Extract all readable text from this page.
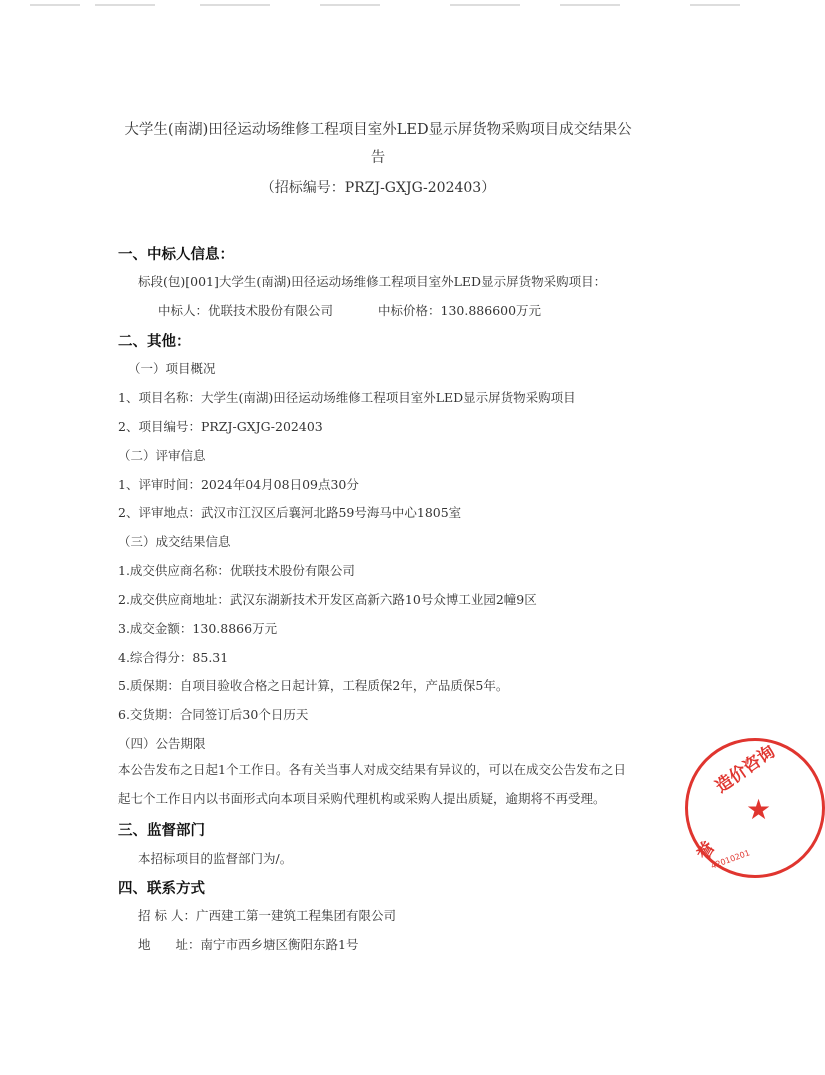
大学生(南湖)田径运动场维修工程项目室外LED显示屏货物采购项目成交结果公
告
（招标编号：PRZJ-GXJG-202403）
一、中标人信息：
标段(包)[001]大学生(南湖)田径运动场维修工程项目室外LED显示屏货物采购项目：
中标人：优联技术股份有限公司	中标价格：130.886600万元
二、其他：
（一）项目概况
1、项目名称：大学生(南湖)田径运动场维修工程项目室外LED显示屏货物采购项目
2、项目编号：PRZJ-GXJG-202403
（二）评审信息
1、评审时间：2024年04月08日09点30分
2、评审地点：武汉市江汉区后襄河北路59号海马中心1805室
（三）成交结果信息
1.成交供应商名称：优联技术股份有限公司
2.成交供应商地址：武汉东湖新技术开发区高新六路10号众博工业园2幢9区
3.成交金额：130.8866万元
4.综合得分：85.31
5.质保期：自项目验收合格之日起计算，工程质保2年，产品质保5年。
6.交货期：合同签订后30个日历天
（四）公告期限
本公告发布之日起1个工作日。各有关当事人对成交结果有异议的，可以在成交公告发布之日起七个工作日内以书面形式向本项目采购代理机构或采购人提出质疑，逾期将不再受理。
三、监督部门
本招标项目的监督部门为/。
四、联系方式
招 标 人：广西建工第一建筑工程集团有限公司
地　　址：南宁市西乡塘区衡阳东路1号
造价咨询
誉
★
42010201
